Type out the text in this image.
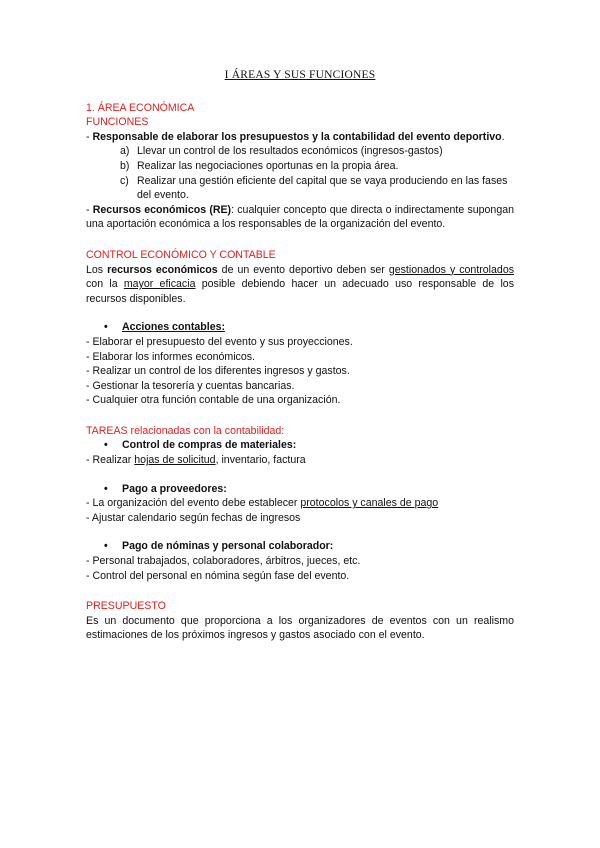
I ÁREAS Y SUS FUNCIONES
1. ÁREA ECONÓMICA
FUNCIONES

- Responsable de elaborar los presupuestos y la contabilidad del evento deportivo.

a) Llevar un control de los resultados económicos (ingresos-gastos)
b) Realizar las negociaciones oportunas en la propia área.
c) Realizar una gestión eficiente del capital que se vaya produciendo en las fases del evento.

- Recursos económicos (RE): cualquier concepto que directa o indirectamente supongan una aportación económica a los responsables de la organización del evento.

CONTROL ECONÓMICO Y CONTABLE

Los recursos económicos de un evento deportivo deben ser gestionados y controlados con la mayor eficacia posible debiendo hacer un adecuado uso responsable de los recursos disponibles.

• Acciones contables:
- Elaborar el presupuesto del evento y sus proyecciones.
- Elaborar los informes económicos.
- Realizar un control de los diferentes ingresos y gastos.
- Gestionar la tesorería y cuentas bancarias.
- Cualquier otra función contable de una organización.
TAREAS relacionadas con la contabilidad:
• Control de compras de materiales:
- Realizar hojas de solicitud, inventario, factura
• Pago a proveedores:
- La organización del evento debe establecer protocolos y canales de pago
- Ajustar calendario según fechas de ingresos
• Pago de nóminas y personal colaborador:
- Personal trabajados, colaboradores, árbitros, jueces, etc.
- Control del personal en nómina según fase del evento.
PRESUPUESTO

Es un documento que proporciona a los organizadores de eventos con un realismo estimaciones de los próximos ingresos y gastos asociado con el evento.
